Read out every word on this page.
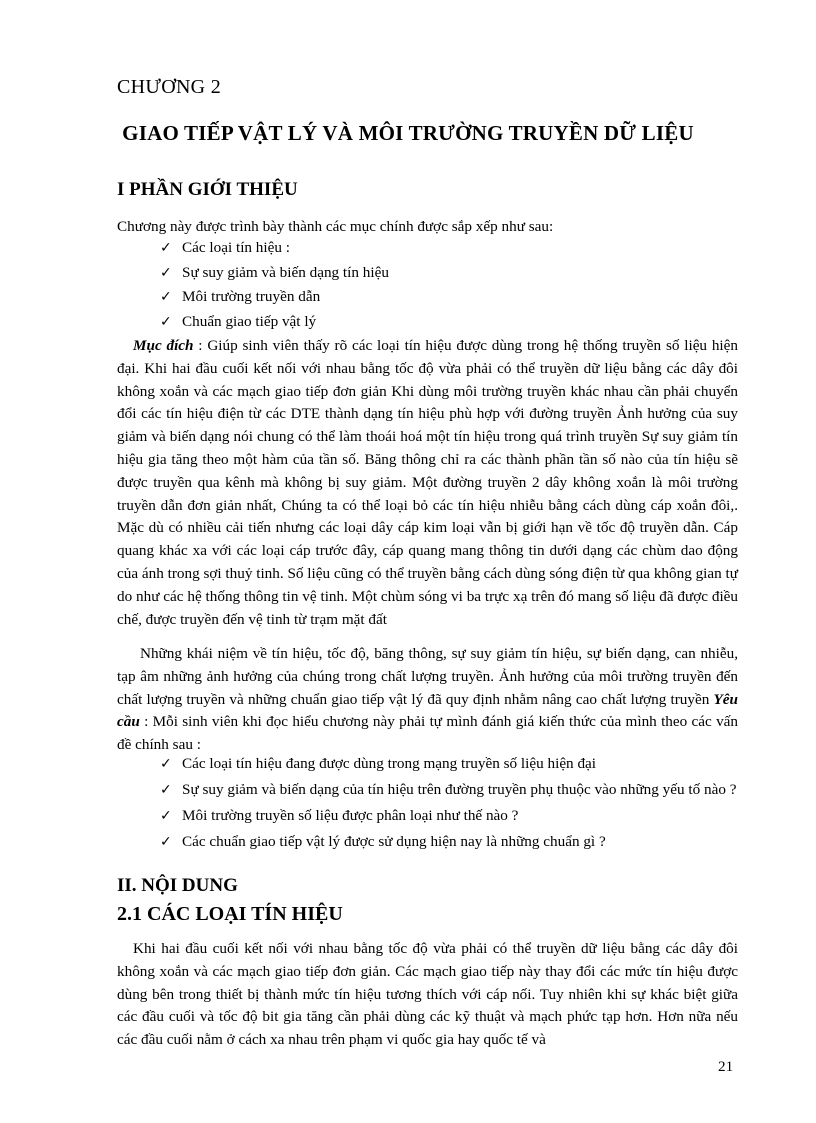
CHƯƠNG 2
GIAO TIẾP VẬT LÝ VÀ MÔI TRƯỜNG TRUYỀN DỮ LIỆU
I PHẦN GIỚI THIỆU
Chương này được trình bày thành các mục chính được sắp xếp như sau:
✓ Các loại tín hiệu :
✓ Sự suy giảm và biến dạng tín hiệu
✓ Môi trường truyền dẫn
✓ Chuẩn giao tiếp vật lý
Mục đích : Giúp sinh viên thấy rõ các loại tín hiệu được dùng trong hệ thống truyền số liệu hiện đại. Khi hai đầu cuối kết nối với nhau bằng tốc độ vừa phải có thể truyền dữ liệu bằng các dây đôi không xoắn và các mạch giao tiếp đơn giản Khi dùng môi trường truyền khác nhau cần phải chuyển đổi các tín hiệu điện từ các DTE thành dạng tín hiệu phù hợp với đường truyền Ảnh hưởng của suy giảm và biến dạng nói chung có thể làm thoái hoá một tín hiệu trong quá trình truyền Sự suy giảm tín hiệu gia tăng theo một hàm của tần số. Băng thông chỉ ra các thành phần tần số nào của tín hiệu sẽ được truyền qua kênh mà không bị suy giảm. Một đường truyền 2 dây không xoắn là môi trường truyền dẫn đơn giản nhất, Chúng ta có thể loại bỏ các tín hiệu nhiễu bằng cách dùng cáp xoắn đôi,. Mặc dù có nhiều cải tiến nhưng các loại dây cáp kim loại vẫn bị giới hạn về tốc độ truyền dẫn. Cáp quang khác xa với các loại cáp trước đây, cáp quang mang thông tin dưới dạng các chùm dao động của ánh trong sợi thuỷ tinh. Số liệu cũng có thể truyền bằng cách dùng sóng điện từ qua không gian tự do như các hệ thống thông tin vệ tinh. Một chùm sóng vi ba trực xạ trên đó mang số liệu đã được điều chế, được truyền đến vệ tinh từ trạm mặt đất
Những khái niệm về tín hiệu, tốc độ, băng thông, sự suy giảm tín hiệu, sự biến dạng, can nhiễu, tạp âm những ảnh hưởng của chúng trong chất lượng truyền. Ảnh hưởng của môi trường truyền đến chất lượng truyền và những chuẩn giao tiếp vật lý đã quy định nhằm nâng cao chất lượng truyền Yêu cầu : Mỗi sinh viên khi đọc hiểu chương này phải tự mình đánh giá kiến thức của mình theo các vấn đề chính sau :
✓ Các loại tín hiệu đang được dùng trong mạng truyền số liệu hiện đại
✓ Sự suy giảm và biến dạng của tín hiệu trên đường truyền phụ thuộc vào những yếu tố nào ?
✓ Môi trường truyền số liệu được phân loại như thế nào ?
✓ Các chuẩn giao tiếp vật lý được sử dụng hiện nay là những chuẩn gì ?
II. NỘI DUNG
2.1 CÁC LOẠI TÍN HIỆU
Khi hai đầu cuối kết nối với nhau bằng tốc độ vừa phải có thể truyền dữ liệu bằng các dây đôi không xoắn và các mạch giao tiếp đơn giản. Các mạch giao tiếp này thay đổi các mức tín hiệu được dùng bên trong thiết bị thành mức tín hiệu tương thích với cáp nối. Tuy nhiên khi sự khác biệt giữa các đầu cuối và tốc độ bit gia tăng cần phải dùng các kỹ thuật và mạch phức tạp hơn. Hơn nữa nếu các đầu cuối nằm ở cách xa nhau trên phạm vi quốc gia hay quốc tế và
21
